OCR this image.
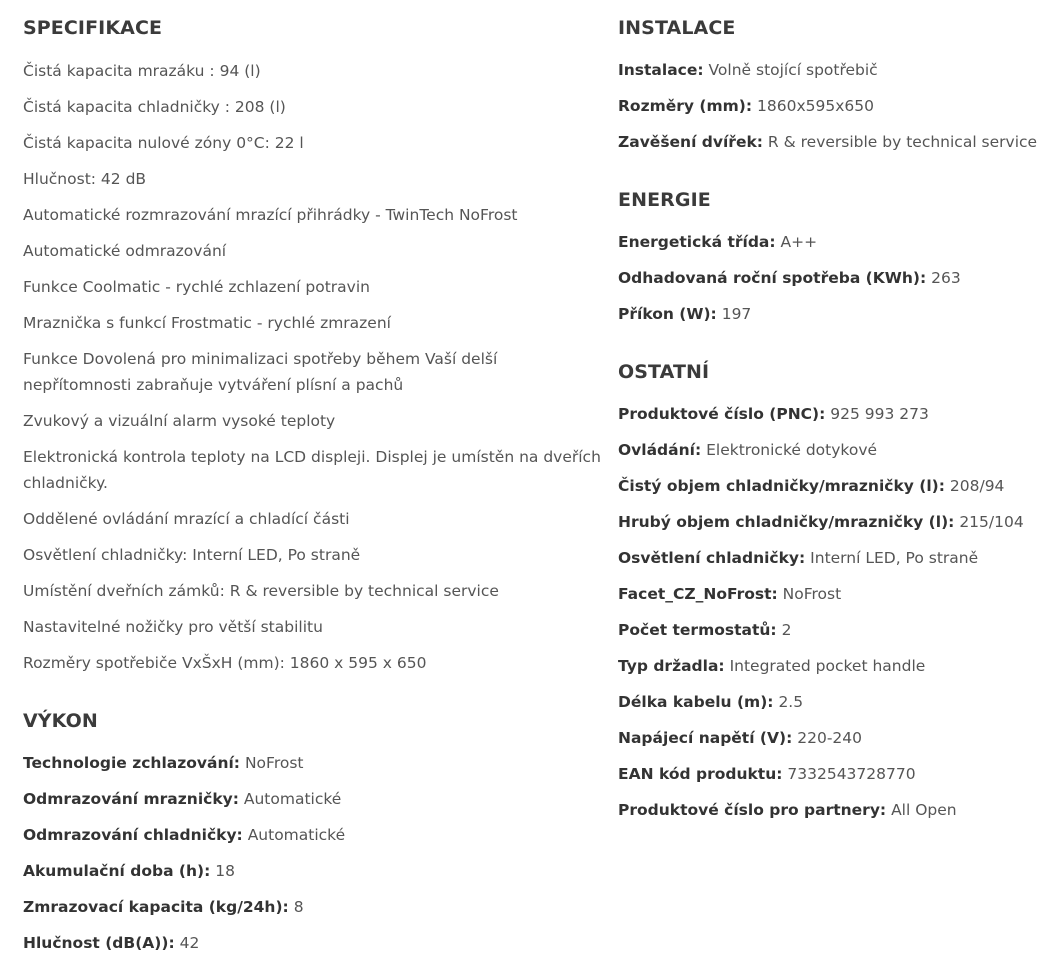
SPECIFIKACE
Čistá kapacita mrazáku : 94 (l)
Čistá kapacita chladničky : 208 (l)
Čistá kapacita nulové zóny 0°C: 22 l
Hlučnost: 42 dB
Automatické rozmrazování mrazící přihrádky - TwinTech NoFrost
Automatické odmrazování
Funkce Coolmatic - rychlé zchlazení potravin
Mraznička s funkcí Frostmatic - rychlé zmrazení
Funkce Dovolená pro minimalizaci spotřeby během Vaší delší nepřítomnosti zabraňuje vytváření plísní a pachů
Zvukový a vizuální alarm vysoké teploty
Elektronická kontrola teploty na LCD displeji. Displej je umístěn na dveřích chladničky.
Oddělené ovládání mrazící a chladící části
Osvětlení chladničky: Interní LED, Po straně
Umístění dveřních zámků: R & reversible by technical service
Nastavitelné nožičky pro větší stabilitu
Rozměry spotřebiče VxŠxH (mm): 1860 x 595 x 650
VÝKON
Technologie zchlazování: NoFrost
Odmrazování mrazničky: Automatické
Odmrazování chladničky: Automatické
Akumulační doba (h): 18
Zmrazovací kapacita (kg/24h): 8
Hlučnost (dB(A)): 42
INSTALACE
Instalace: Volně stojící spotřebič
Rozměry (mm): 1860x595x650
Zavěšení dvířek: R & reversible by technical service
ENERGIE
Energetická třída: A++
Odhadovaná roční spotřeba (KWh): 263
Příkon (W): 197
OSTATNÍ
Produktové číslo (PNC): 925 993 273
Ovládání: Elektronické dotykové
Čistý objem chladničky/mrazničky (l): 208/94
Hrubý objem chladničky/mrazničky (l): 215/104
Osvětlení chladničky: Interní LED, Po straně
Facet_CZ_NoFrost: NoFrost
Počet termostatů: 2
Typ držadla: Integrated pocket handle
Délka kabelu (m): 2.5
Napájecí napětí (V): 220-240
EAN kód produktu: 7332543728770
Produktové číslo pro partnery: All Open
